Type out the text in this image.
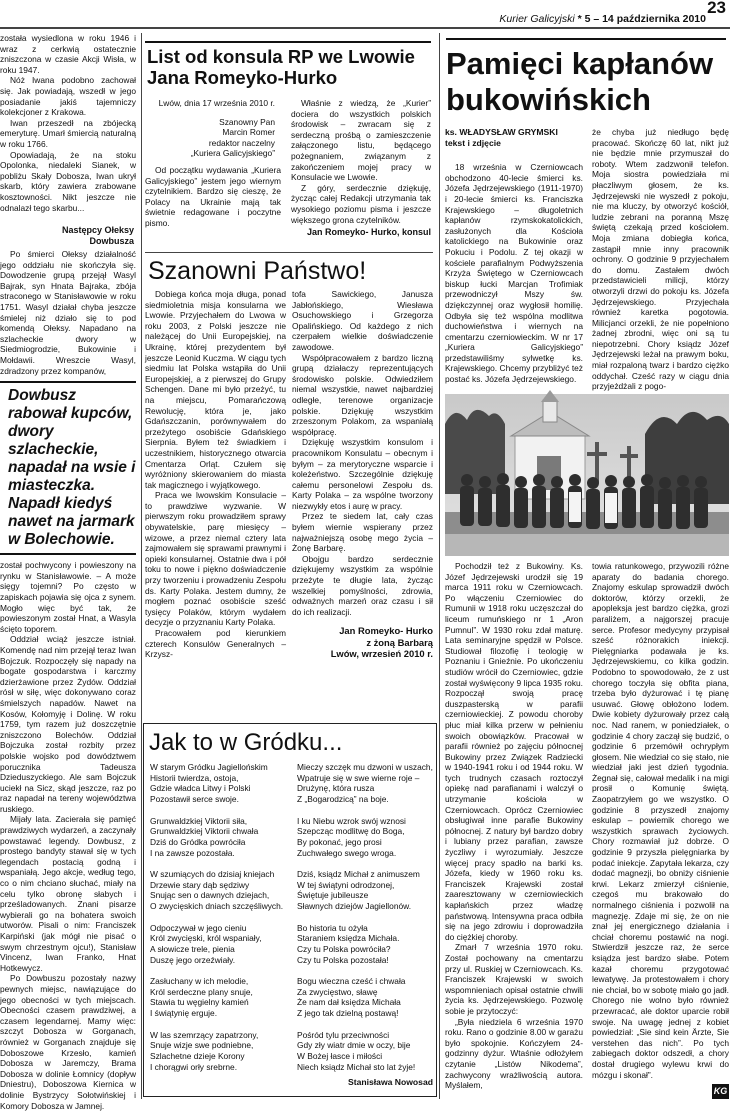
23
Kurier Galicyjski * 5 – 14 października 2010

została wysiedlona w roku 1946 i wraz z cerkwią ostatecznie zniszczona w czasie Akcji Wisła, w roku 1947.

Nóż Iwana podobno zachował się. Jak powiadają, wszedł w jego posiadanie jakiś tajemniczy kolekcjoner z Krakowa.

Iwan przeszedł na zbójecką emeryturę. Umarł śmiercią naturalną w roku 1766.

Opowiadają, że na stoku Opolonka, niedaleki Sianek, w pobliżu Skały Dobosza, Iwan ukrył skarb, który zawiera zrabowane kosztowności. Nikt jeszcze nie odnalazł tego skarbu...

Następcy Ołeksy Dowbusza

Po śmierci Ołeksy działalność jego oddziału nie skończyła się. Dowodzenie grupą przejął Wasyl Bajrak, syn Hnata Bajraka, zbója straconego w Stanisławowie w roku 1751. Wasyl działał chyba jeszcze śmielej niż działo się to pod komendą Ołeksy. Napadano na szlacheckie dwory w Siedmiogrodzie, Bukowinie i Mołdawii. Wreszcie Wasyl, zdradzony przez kompanów,

Dowbusz rabował kupców, dwory szlacheckie, napadał na wsie i miasteczka. Napadł kiedyś nawet na jarmark w Bolechowie.

został pochwycony i powieszony na rynku w Stanisławowie. – A może sięgy tojemni? Po często w zapiskach pojawia się ojca z synem. Mogło więc być tak, że powieszonym został Hnat, a Wasyla ścięto toporem.

Oddział wciąż jeszcze istniał. Komendę nad nim przejął teraz Iwan Bojczuk. Rozpoczęły się napady na bogate gospodarstwa i karczmy dzierżawione przez Żydów. Oddział rósł w siłę, więc dokonywano coraz śmielszych napadów. Nawet na Kosów, Kołomyję i Dolinę. W roku 1759, tym razem już doszczętnie zniszczono Bolechów. Oddział Bojczuka został rozbity przez polskie wojsko pod dowództwem porucznika Tadeusza Dzieduszyckiego. Ale sam Bojczuk uciekł na Sicz, skąd jeszcze, raz po raz napadał na tereny województwa ruskiego.

Mijały lata. Zacierała się pamięć prawdziwych wydarzeń, a zaczynały powstawać legendy. Dowbusz, z prostego bandyty stawał się w tych legendach postacią godną i wspaniałą. Jego akcje, według tego, co o nim chciano słuchać, miały na celu tylko obronę słabych i prześladowanych. Znani pisarze wybierali go na bohatera swoich utworów. Pisali o nim: Franciszek Karpiński (jak mógł nie pisać o swym chrzestnym ojcu!), Stanisław Vincenz, Iwan Franko, Hnat Hotkewycz.

Po Dowbuszu pozostały nazwy pewnych miejsc, nawiązujące do jego obecności w tych miejscach. Obecności czasem prawdziwej, a czasem legendarnej. Mamy więc: szczyt Dobosza w Gorganach, również w Gorganach znajduje się Doboszowe Krzesło, kamień Dobosza w Jaremczy, Brama Dobosza w dolinie Łomnicy (dopływ Dniestru), Doboszowa Kiernica w dolinie Bystrzycy Sołotwińskiej i Komory Dobosza w Jamnej.

List od konsula RP we Lwowie
Jana Romeyko-Hurko
Lwów, dnia 17 września 2010 r.
Szanowny Pan
Marcin Romer
redaktor naczelny
„Kuriera Galicyjskiego”

Od początku wydawania „Kuriera Galicyjskiego” jestem jego wiernym czytelnikiem. Bardzo się cieszę, że Polacy na Ukrainie mają tak świetnie redagowane i poczytne pismo.

Właśnie z wiedzą, że „Kurier” dociera do wszystkich polskich środowisk – zwracam się z serdeczną prośbą o zamieszczenie załączonego listu, będącego pożegnaniem, związanym z zakończeniem mojej pracy w Konsulacie we Lwowie.

Z góry, serdecznie dziękuję, życząc całej Redakcji utrzymania tak wysokiego poziomu pisma i jeszcze większego grona czytelników.

Jan Romeyko- Hurko, konsul
Szanowni Państwo!

Dobiega końca moja długa, ponad siedmioletnia misja konsularna we Lwowie. Przyjechałem do Lwowa w roku 2003, z Polski jeszcze nie należącej do Unii Europejskiej, na Ukrainę, której prezydentem był jeszcze Leonid Kuczma. W ciągu tych siedmiu lat Polska wstąpiła do Unii Europejskiej, a z pierwszej do Grupy Schengen. Dane mi było przeżyć, tu na miejscu, Pomarańczową Rewolucję, która je, jako Gdańszczanin, porównywałem do przeżytego osobiście Gdańskiego Sierpnia. Byłem też świadkiem i uczestnikiem, historycznego otwarcia Cmentarza Orląt. Czułem się wyróżniony skierowaniem do miasta tak magicznego i wyjątkowego.

Praca we lwowskim Konsulacie – to prawdziwe wyzwanie. W pierwszym roku prowadziłem sprawy obywatelskie, parę miesięcy – wizowe, a przez niemal cztery lata zajmowałem się sprawami prawnymi i opieki konsularnej. Ostatnie dwa i pół toku to nowe i piękno doświadczenie przy tworzeniu i prowadzeniu Zespołu ds. Karty Polaka. Jestem dumny, że mogłem poznać osobiście sześć tysięcy Polaków, którym wydałem decyzje o przyznaniu Karty Polaka.

Pracowałem pod kierunkiem czterech Konsulów Generalnych – Krzysz-

tofa Sawickiego, Janusza Jabłońskiego, Wiesława Osuchowskiego i Grzegorza Opalińskiego. Od każdego z nich czerpałem wielkie doświadczenie zawodowe.

Współpracowałem z bardzo liczną grupą działaczy reprezentujących środowisko polskie. Odwiedziłem niemal wszystkie, nawet najbardziej odległe, terenowe organizacje polskie. Dziękuję wszystkim zrzeszonym Polakom, za wspaniałą współpracę.

Dziękuję wszystkim konsulom i pracownikom Konsulatu – obecnym i byłym – za merytoryczne wsparcie i koleżeństwo. Szczególnie dziękuję całemu personelowi Zespołu ds. Karty Polaka – za wspólne tworzony niezwykły etos i aurę w pracy.

Przez te siedem lat, cały czas byłem wiernie wspierany przez najważniejszą osobę mego życia – Żonę Barbarę.

Obojgu bardzo serdecznie dziękujemy wszystkim za wspólnie przeżyte te długie lata, życząc wszelkiej pomyślności, zdrowia, odważnych marzeń oraz czasu i sił do ich realizacji.

Jan Romeyko- Hurko
z żoną Barbarą
Lwów, wrzesień 2010 r.
Jak to w Gródku...
W starym Gródku Jagiellońskim
Historii twierdza, ostoja,
Gdzie władca Litwy i Polski
Pozostawił serce swoje.
Grunwaldzkiej Viktorii siła,
Grunwaldzkiej Viktorii chwała
Dziś do Gródka powróciła
I na zawsze pozostała.
W szumiących do dzisiaj kniejach
Drzewie stary dąb sędziwy
Snując sen o dawnych dziejach,
O zwycięskich dniach szczęśliwych.
Odpoczywał w jego cieniu
Król zwycięski, król wspaniały,
A słowicze trele, pienia
Duszę jego orzeźwiały.
Zasłuchany w ich melodie,
Król serdeczne plany snuje,
Stawia tu węgielny kamień
I świątynię erguje.
W las szemrzący zapatrzony,
Snuje wizje swe podniebne,
Szlachetne dzieje Korony
I chorągwi orły srebrne.
Mieczy szczęk mu dzwoni w uszach,
Wpatruje się w swe wierne roje –
Drużynę, która rusza
Z „Bogarodzicą” na boje.
I ku Niebu wzrok swój wznosi
Szepcząc modlitwę do Boga,
By pokonać, jego prosi
Zuchwałego swego wroga.
Dziś, ksiądz Michał z animuszem
W tej świątyni odrodzonej,
Świętuje jubileusze
Sławnych dziejów Jagiellonów.
Bo historia tu ożyła
Staraniem księdza Michała.
Czy tu Polska powróciła?
Czy tu Polska pozostała!
Bogu wieczna cześć i chwała
Za zwycięstwo, sławę
Że nam dał księdza Michała
Z jego tak dzielną postawą!
Pośród tylu przeciwności
Gdy zły wiatr dmie w oczy, bije
W Bożej łasce i miłości
Niech ksiądz Michał sto lat żyje!
Stanisława Nowosad
Pamięci kapłanów
bukowińskich
ks. WŁADYSŁAW GRYMSKI
tekst i zdjęcie

18 września w Czerniowcach obchodzono 40-lecie śmierci ks. Józefa Jędrzejewskiego (1911-1970) i 20-lecie śmierci ks. Franciszka Krajewskiego – długoletnich kapłanów rzymskokatolickich, zasłużonych dla Kościoła katolickiego na Bukowinie oraz Pokuciu i Podolu. Z tej okazji w kościele parafialnym Podwyższenia Krzyża Świętego w Czerniowcach biskup łucki Marcjan Trofimiak przewodniczył Mszy św. dziękczynnej oraz wygłosił homilię. Odbyła się też wspólna modlitwa duchowieństwa i wiernych na cmentarzu czerniowieckim. W nr 17 „Kuriera Galicyjskiego” przedstawiliśmy sylwetkę ks. Krajewskiego. Chcemy przybliżyć też postać ks. Józefa Jędrzejewskiego.

że chyba już niedługo będę pracować. Skończę 60 lat, nikt już nie będzie mnie przymuszał do roboty. Wtem zadzwonił telefon. Moja siostra powiedziała mi płaczliwym głosem, że ks. Jędrzejewski nie wyszedł z pokoju, nie ma kluczy, by otworzyć kościół, ludzie zebrani na poranną Mszę świętą czekają przed kościołem. Moja zmiana dobiegła końca, zastąpił mnie inny pracownik ochrony. O godzinie 9 przyjechałem do domu. Zastałem dwóch przedstawicieli milicji, którzy otworzyli drzwi do pokoju ks. Józefa Jędrzejewskiego. Przyjechała również karetka pogotowia. Milicjanci orzekli, że nie popełniono żadnej zbrodni, więc oni są tu niepotrzebni. Chory ksiądz Józef Jędrzejewski leżał na prawym boku, miał rozpaloną twarz i bardzo ciężko oddychał. Cześć razy w ciągu dnia przyjeżdżali z pogo-

Pochodził też z Bukowiny. Ks. Józef Jędrzejewski urodził się 19 marca 1911 roku w Czerniowcach. Po włączeniu Czerniowiec do Rumunii w 1918 roku uczęszczał do liceum rumuńskiego nr 1 „Aron Pumnul”. W 1930 roku zdał maturę. Lata seminaryjne spędził w Polsce. Studiował filozofię i teologię w Poznaniu i Gnieźnie. Po ukończeniu studiów wrócił do Czerniowiec, gdzie został wyświęcony 9 lipca 1935 roku. Rozpoczął swoją pracę duszpasterską w parafii czerniowieckiej. Z powodu choroby płuc miał kilka przerw w pełnieniu swoich obowiązków. Pracował w parafii również po zajęciu północnej Bukowiny przez Związek Radziecki w 1940-1941 roku i od 1944 roku. W tych trudnych czasach roztoczył opiekę nad parafianami i walczył o utrzymanie kościoła w Czerniowcach. Oprócz Czerniowiec obsługiwał inne parafie Bukowiny północnej. Z natury był bardzo dobry i lubiany przez parafian, zawsze życzliwy i wyrozumiały. Jeszcze więcej pracy spadło na barki ks. Józefa, kiedy w 1960 roku ks. Franciszek Krajewski został zaaresztowany w czerniowieckich kapłańskich przez władzę państwową. Intensywna praca odbiła się na jego zdrowiu i doprowadziła do ciężkiej choroby.

Zmarł 7 września 1970 roku. Został pochowany na cmentarzu przy ul. Ruskiej w Czerniowcach. Ks. Franciszek Krajewski w swoich wspomnieniach opisał ostatnie chwili życia ks. Jędrzejewskiego. Pozwolę sobie je przytoczyć:

„Była niedziela 6 września 1970 roku. Rano o godzinie 8.00 w garażu było spokojnie. Kończyłem 24-godzinny dyżur. Wtaśnie odłożyłem czytanie „Listów Nikodema”, zachwycony wrażliwością autora. Myślałem,

towia ratunkowego, przywozili różne aparaty do badania chorego. Znajomy eskulap sprowadził dwóch doktorów, którzy orzekli, że apopleksja jest bardzo ciężka, grozi paraliżem, a najgorszej pracuje serce. Profesor medycyny przypisał sześć różnorakich iniekcji. Pielęgniarka podawała je ks. Jędrzejewskiemu, co kilka godzin. Podobno to spowodowało, że z ust chorego toczyła się obfita piana, trzeba było dyżurować i tę pianę usuwać. Głowę obłożono lodem. Dwie kobiety dyżurowały przez całą noc. Nad ranem, w poniedziałek, o godzinie 4 chory zaczął się budzić, o godzinie 6 przemówił ochrypłym głosem. Nie wiedział co się stało, nie wiedział jaki jest dzień tygodnia. Żegnał się, całował medalik i na migi prosił o Komunię świętą. Zaopatrzyłem go we wszystko. O godzinie 8 przyszedł znajomy eskulap – powiemik chorego we wszystkich sprawach życiowych. Chory rozmawiał już dobrze. O godzinie 9 przyszła pielęgniarka by podać iniekcje. Zapytała lekarza, czy dodać magnezji, bo obniży ciśnienie krwi. Lekarz zmierzył ciśnienie, czegoś mu brakowało do normalnego ciśnienia i pozwolił na magnezję. Zdaje mi się, że on nie znał jej energicznego działania i chciał choremu postawić na nogi. Stwierdził jeszcze raz, że serce ksiądza jest bardzo słabe. Potem kazał choremu przygotować lewatywę. Ja protestowałem i chory nie chciał, bo w sobotę miało go jadł. Chorego nie wolno było również przewracać, ale doktor uparcie robił swoje. Na uwagę jednej z kobiet powiedział: „Sie sind kein Ärzte, Sie verstehen das nich”. Po tych zabiegach doktor odszedł, a chory dostał drugiego wylewu krwi do mózgu i skonał”.

KG
